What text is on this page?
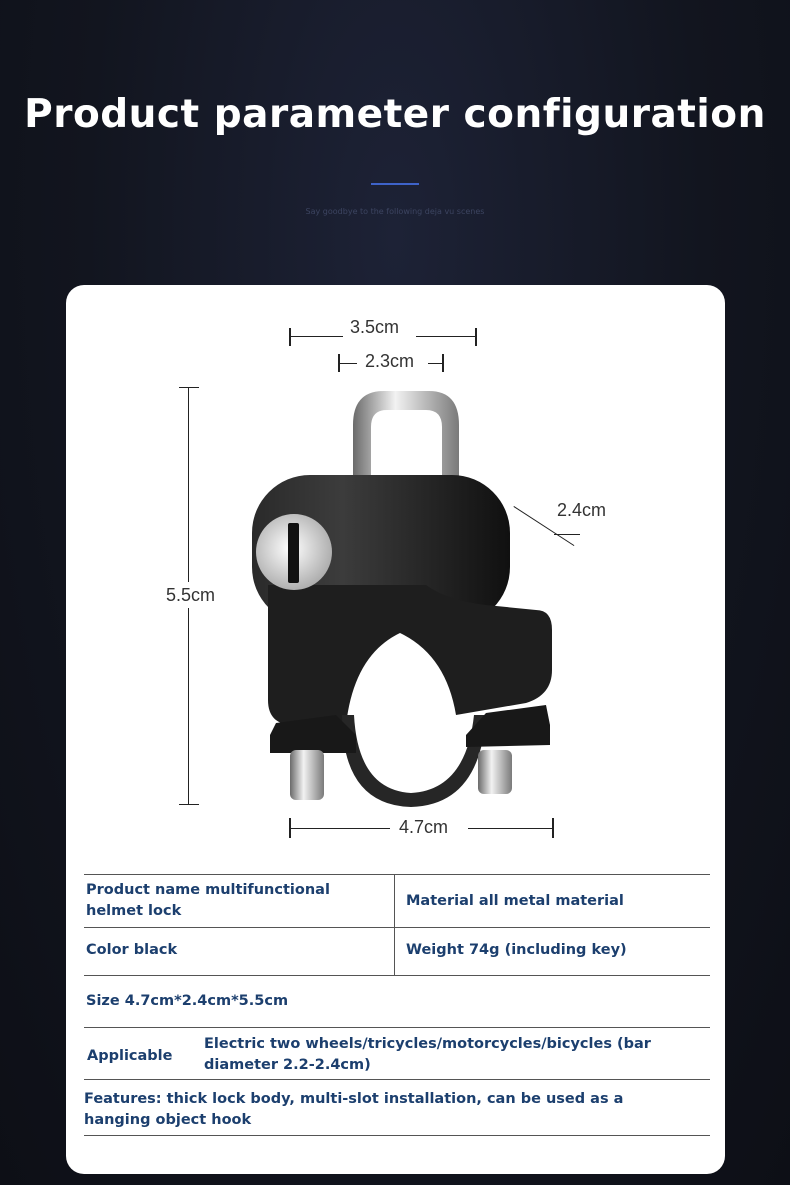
Product parameter configuration
Say goodbye to the following deja vu scenes
3.5cm
2.3cm
5.5cm
2.4cm
4.7cm
Product name multifunctional helmet lock
Material all metal material
Color black	Weight 74g (including key)
Size 4.7cm*2.4cm*5.5cm
Applicable
Electric two wheels/tricycles/motorcycles/bicycles (bar diameter 2.2-2.4cm)
Features: thick lock body, multi-slot installation, can be used as a hanging object hook
